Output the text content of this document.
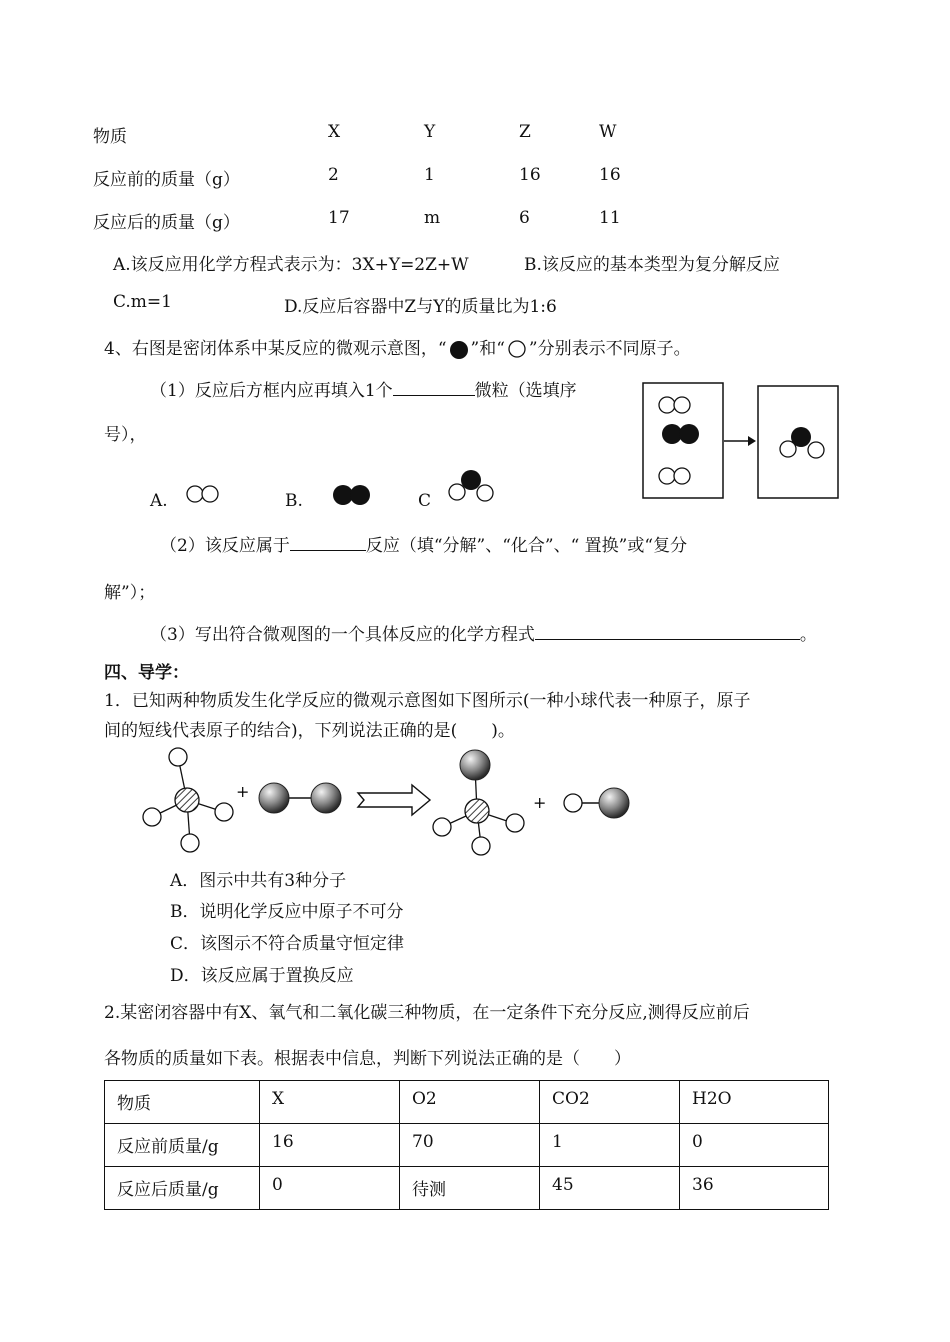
物质	X	Y	Z	W
反应前的质量（g）	2	1	16	16
反应后的质量（g）	17	m	6	11
A.该反应用化学方程式表示为：3X+Y=2Z+W	B.该反应的基本类型为复分解反应
C.m=1	D.反应后容器中Z与Y的质量比为1:6
4、右图是密闭体系中某反应的微观示意图，“ ”和“ ”分别表示不同原子。
（1）反应后方框内应再填入1个	微粒（选填序
号），
A.	B.	C
（2）该反应属于	反应（填“分解”、“化合”、“ 置换”或“复分
解”）；
（3）写出符合微观图的一个具体反应的化学方程式	。
四、导学：
1．已知两种物质发生化学反应的微观示意图如下图所示(一种小球代表一种原子，原子
间的短线代表原子的结合)，下列说法正确的是(　　)。
+
+
A．图示中共有3种分子
B．说明化学反应中原子不可分
C．该图示不符合质量守恒定律
D．该反应属于置换反应
2.某密闭容器中有X、氧气和二氧化碳三种物质，在一定条件下充分反应,测得反应前后
各物质的质量如下表。根据表中信息，判断下列说法正确的是（　　）
物质	X	O2	CO2	H2O
反应前质量/g	16	70	1	0
反应后质量/g	0	待测	45	36
